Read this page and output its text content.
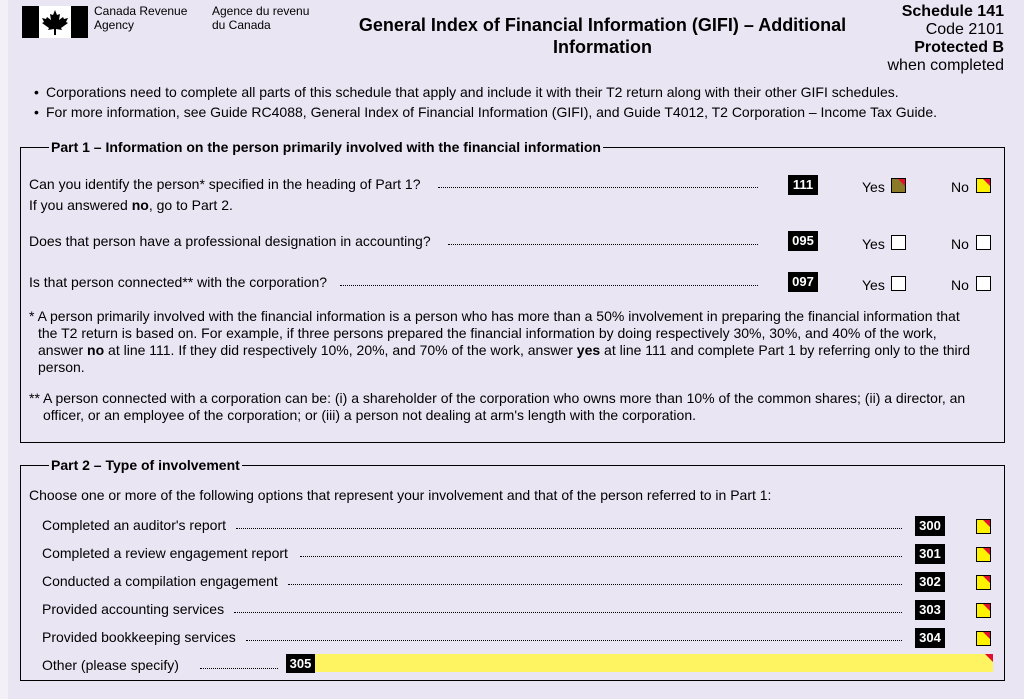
Canada Revenue
Agency
Agence du revenu
du Canada	General Index of Financial Information (GIFI) – Additional
Information
Schedule 141
Code 2101
Protected B
when completed
• Corporations need to complete all parts of this schedule that apply and include it with their T2 return along with their other GIFI schedules.
• For more information, see Guide RC4088, General Index of Financial Information (GIFI), and Guide T4012, T2 Corporation – Income Tax Guide.
Part 1 – Information on the person primarily involved with the financial information
Can you identify the person* specified in the heading of Part 1?	111	Yes	No
If you answered no, go to Part 2.
Does that person have a professional designation in accounting?	095	Yes	No
Is that person connected** with the corporation?	097	Yes	No
* A person primarily involved with the financial information is a person who has more than a 50% involvement in preparing the financial information that
the T2 return is based on. For example, if three persons prepared the financial information by doing respectively 30%, 30%, and 40% of the work,
answer no at line 111. If they did respectively 10%, 20%, and 70% of the work, answer yes at line 111 and complete Part 1 by referring only to the third
person.
** A person connected with a corporation can be: (i) a shareholder of the corporation who owns more than 10% of the common shares; (ii) a director, an
officer, or an employee of the corporation; or (iii) a person not dealing at arm's length with the corporation.
Part 2 – Type of involvement
Choose one or more of the following options that represent your involvement and that of the person referred to in Part 1:
Completed an auditor's report	300
Completed a review engagement report	301
Conducted a compilation engagement	302
Provided accounting services	303
Provided bookkeeping services	304
Other (please specify)	305
